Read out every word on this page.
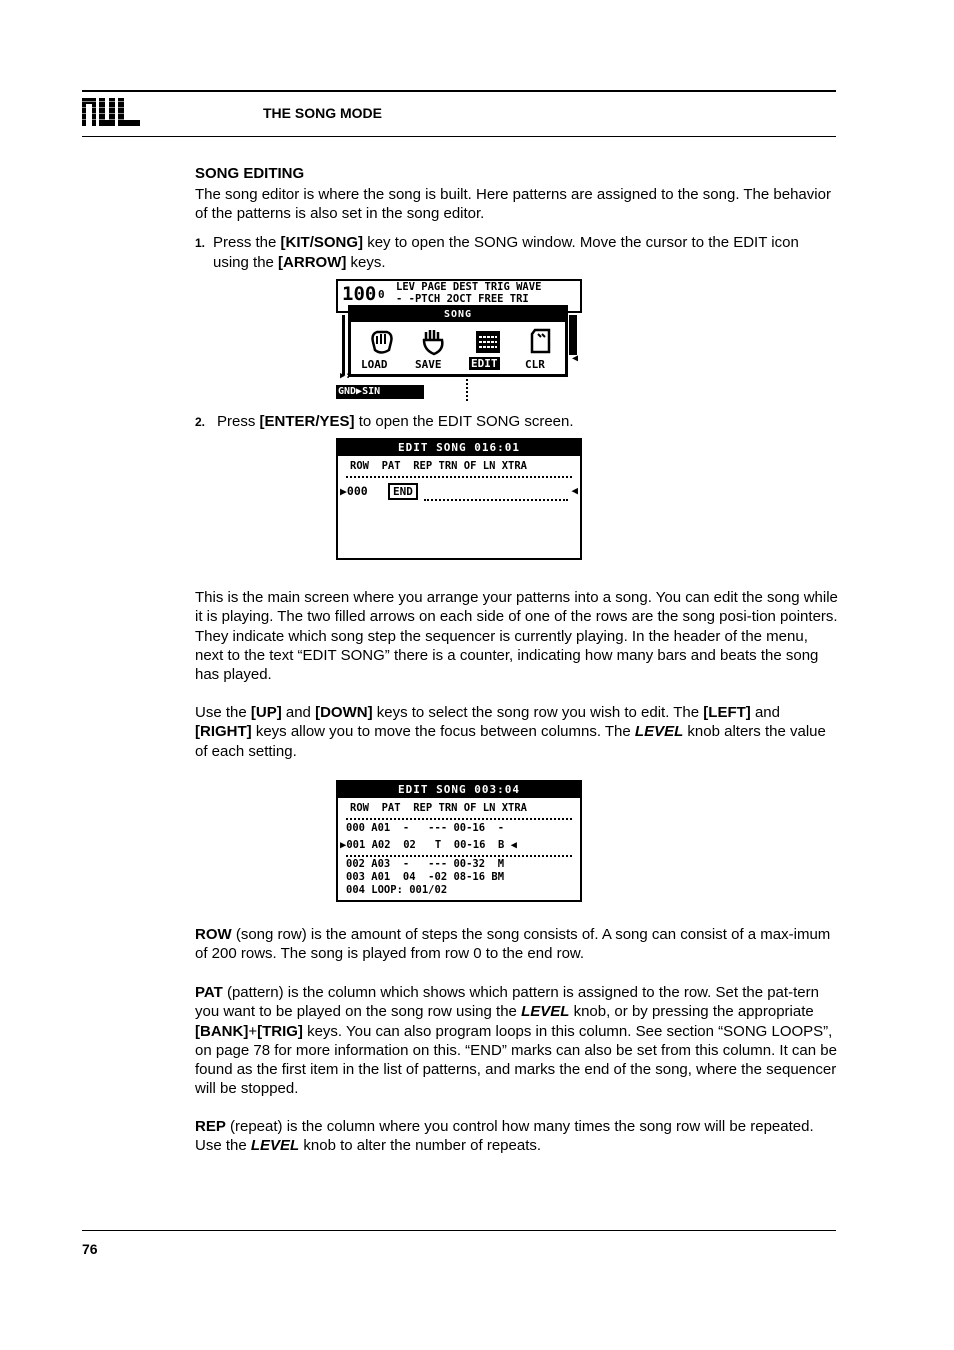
THE SONG MODE
SONG EDITING
The song editor is where the song is built. Here patterns are assigned to the song. The behavior of the patterns is also set in the song editor.
1. Press the [KIT/SONG] key to open the SONG window. Move the cursor to the EDIT icon using the [ARROW] keys.
100 0
LEV PAGE DEST TRIG WAVE
- -PTCH 2OCT FREE TRI
SONG
LOAD	SAVE	EDIT	CLR
▶:
GND▶SIN
◀
2. Press [ENTER/YES] to open the EDIT SONG screen.
EDIT SONG 016:01
ROW  PAT  REP TRN OF LN XTRA
▶000	END	◀
This is the main screen where you arrange your patterns into a song. You can edit the song while it is playing. The two filled arrows on each side of one of the rows are the song posi-tion pointers. They indicate which song step the sequencer is currently playing. In the header of the menu, next to the text “EDIT SONG” there is a counter, indicating how many bars and beats the song has played.
Use the [UP] and [DOWN] keys to select the song row you wish to edit. The [LEFT] and [RIGHT] keys allow you to move the focus between columns. The LEVEL knob alters the value of each setting.
EDIT SONG 003:04
ROW  PAT  REP TRN OF LN XTRA
000 A01  -   --- 00-16  -
▶001 A02  02   T  00-16  B ◀
002 A03  -   --- 00-32  M
003 A01  04  -02 08-16 BM
004 LOOP: 001/02
ROW (song row) is the amount of steps the song consists of. A song can consist of a max-imum of 200 rows. The song is played from row 0 to the end row.
PAT (pattern) is the column which shows which pattern is assigned to the row. Set the pat-tern you want to be played on the song row using the LEVEL knob, or by pressing the appropriate [BANK]+[TRIG] keys. You can also program loops in this column. See section “SONG LOOPS”, on page 78 for more information on this. “END” marks can also be set from this column. It can be found as the first item in the list of patterns, and marks the end of the song, where the sequencer will be stopped.
REP (repeat) is the column where you control how many times the song row will be repeated. Use the LEVEL knob to alter the number of repeats.
76
